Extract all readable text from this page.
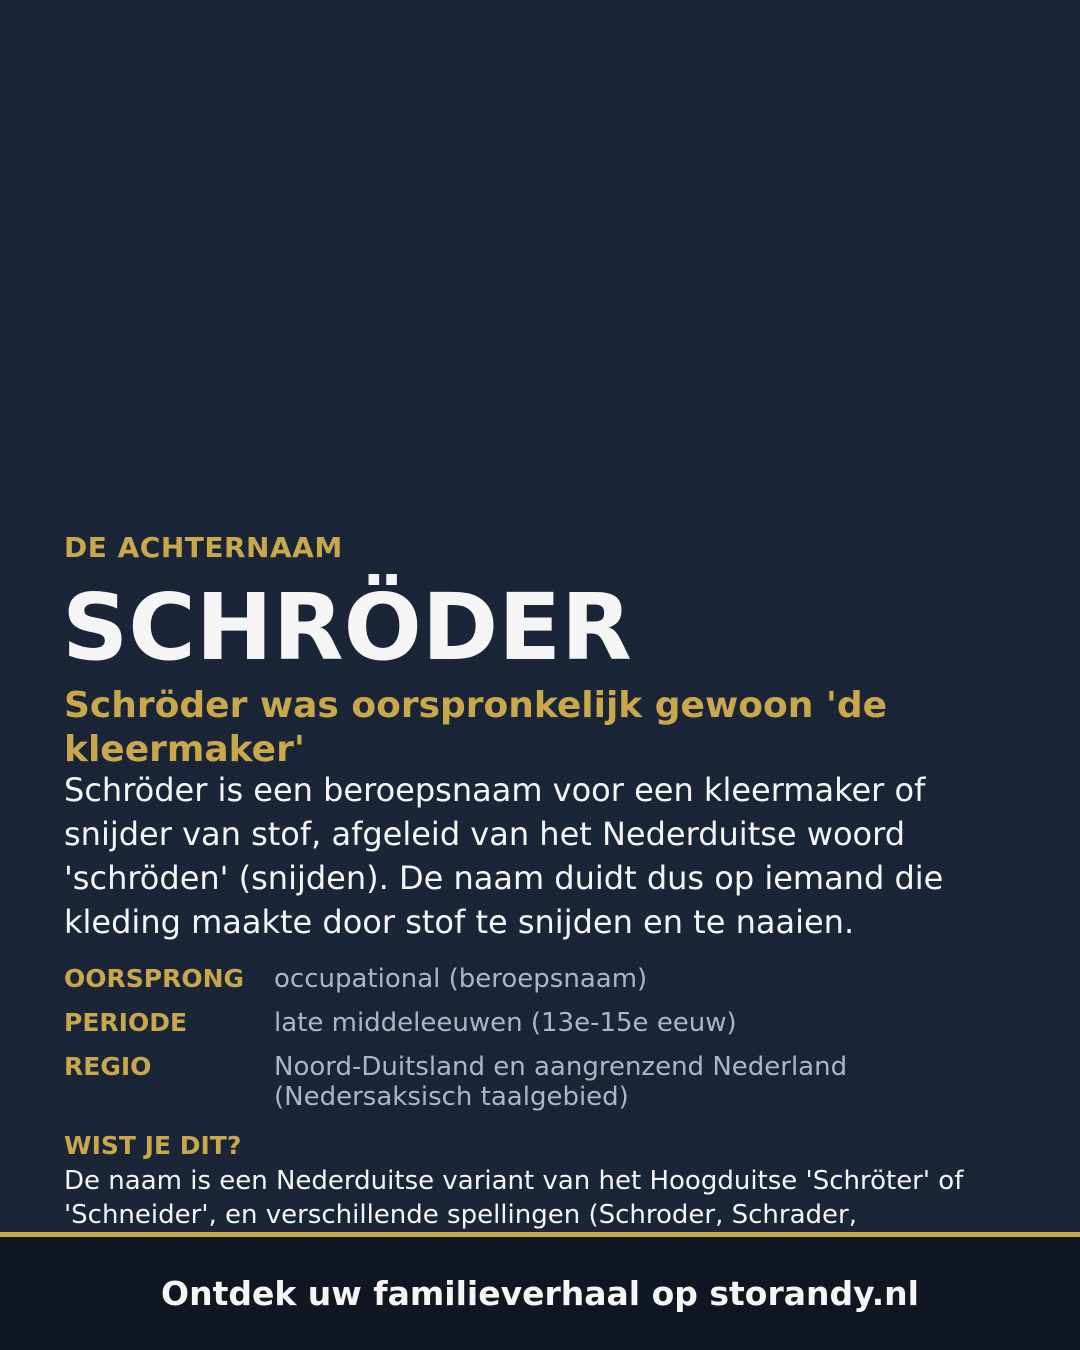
DE ACHTERNAAM

SCHRÖDER
Schröder was oorspronkelijk gewoon 'de kleermaker'

Schröder is een beroepsnaam voor een kleermaker of snijder van stof, afgeleid van het Nederduitse woord 'schröden' (snijden). De naam duidt dus op iemand die kleding maakte door stof te snijden en te naaien.

OORSPRONG	occupational (beroepsnaam)
PERIODE	late middeleeuwen (13e-15e eeuw)
REGIO	Noord-Duitsland en aangrenzend Nederland (Nedersaksisch taalgebied)

WIST JE DIT?

De naam is een Nederduitse variant van het Hoogduitse 'Schröter' of 'Schneider', en verschillende spellingen (Schroder, Schrader,

Ontdek uw familieverhaal op storandy.nl
